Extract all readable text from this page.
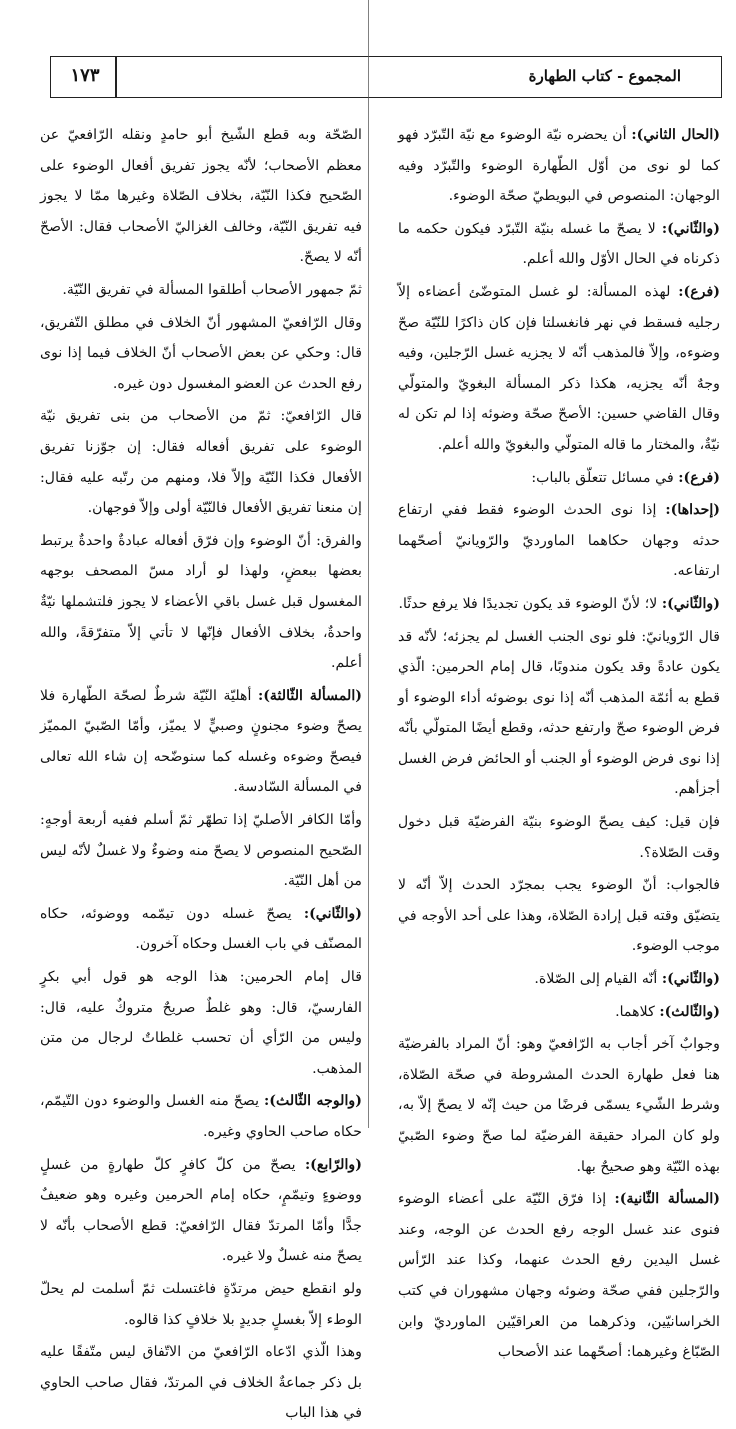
المجموع - كتاب الطهارة
١٧٣

(الحال الثاني): أن يحضره نيّة الوضوء مع نيّة التّبرّد فهو كما لو نوى من أوّل الطّهارة الوضوء والتّبرّد وفيه الوجهان: المنصوص في البويطيّ صحّة الوضوء.

(والثّاني): لا يصحّ ما غسله بنيّة التّبرّد فيكون حكمه ما ذكرناه في الحال الأوّل والله أعلم.

(فرع): لهذه المسألة: لو غسل المتوضّئ أعضاءه إلاّ رجليه فسقط في نهر فانغسلتا فإن كان ذاكرًا للنّيّة صحّ وضوءه، وإلاّ فالمذهب أنّه لا يجزيه غسل الرّجلين، وفيه وجهٌ أنّه يجزيه، هكذا ذكر المسألة البغويّ والمتولّي وقال القاضي حسين: الأصحّ صحّة وضوئه إذا لم تكن له نيّةٌ، والمختار ما قاله المتولّي والبغويّ والله أعلم.

(فرع): في مسائل تتعلّق بالباب:

(إحداها): إذا نوى الحدث الوضوء فقط ففي ارتفاع حدثه وجهان حكاهما الماورديّ والرّويانيّ أصحّهما ارتفاعه.

(والثّاني): لا؛ لأنّ الوضوء قد يكون تجديدًا فلا يرفع حدثًا.

قال الرّويانيّ: فلو نوى الجنب الغسل لم يجزئه؛ لأنّه قد يكون عادةً وقد يكون مندوبًا، قال إمام الحرمين: الّذي قطع به أئمّة المذهب أنّه إذا نوى بوضوئه أداء الوضوء أو فرض الوضوء صحّ وارتفع حدثه، وقطع أيضًا المتولّي بأنّه إذا نوى فرض الوضوء أو الجنب أو الحائض فرض الغسل أجزأهم.

فإن قيل: كيف يصحّ الوضوء بنيّة الفرضيّة قبل دخول وقت الصّلاة؟.

فالجواب: أنّ الوضوء يجب بمجرّد الحدث إلاّ أنّه لا يتضيّق وقته قبل إرادة الصّلاة، وهذا على أحد الأوجه في موجب الوضوء.

(والثّاني): أنّه القيام إلى الصّلاة.

(والثّالث): كلاهما.

وجوابٌ آخر أجاب به الرّافعيّ وهو: أنّ المراد بالفرضيّة هنا فعل طهارة الحدث المشروطة في صحّة الصّلاة، وشرط الشّيء يسمّى فرضًا من حيث إنّه لا يصحّ إلاّ به، ولو كان المراد حقيقة الفرضيّة لما صحّ وضوء الصّبيّ بهذه النّيّة وهو صحيحٌ بها.

(المسألة الثّانية): إذا فرّق النّيّة على أعضاء الوضوء فنوى عند غسل الوجه رفع الحدث عن الوجه، وعند غسل اليدين رفع الحدث عنهما، وكذا عند الرّأس والرّجلين ففي صحّة وضوئه وجهان مشهوران في كتب الخراسانيّين، وذكرهما من العراقيّين الماورديّ وابن الصّبّاغ وغيرهما: أصحّهما عند الأصحاب

الصّحّة وبه قطع الشّيخ أبو حامدٍ ونقله الرّافعيّ عن معظم الأصحاب؛ لأنّه يجوز تفريق أفعال الوضوء على الصّحيح فكذا النّيّة، بخلاف الصّلاة وغيرها ممّا لا يجوز فيه تفريق النّيّة، وخالف الغزاليّ الأصحاب فقال: الأصحّ أنّه لا يصحّ.

ثمّ جمهور الأصحاب أطلقوا المسألة في تفريق النّيّة.

وقال الرّافعيّ المشهور أنّ الخلاف في مطلق التّفريق، قال: وحكي عن بعض الأصحاب أنّ الخلاف فيما إذا نوى رفع الحدث عن العضو المغسول دون غيره.

قال الرّافعيّ: ثمّ من الأصحاب من بنى تفريق نيّة الوضوء على تفريق أفعاله فقال: إن جوّزنا تفريق الأفعال فكذا النّيّة وإلاّ فلا، ومنهم من رتّبه عليه فقال: إن منعنا تفريق الأفعال فالنّيّة أولى وإلاّ فوجهان.

والفرق: أنّ الوضوء وإن فرّق أفعاله عبادةٌ واحدةٌ يرتبط بعضها ببعضٍ، ولهذا لو أراد مسّ المصحف بوجهه المغسول قبل غسل باقي الأعضاء لا يجوز فلتشملها نيّةٌ واحدةٌ، بخلاف الأفعال فإنّها لا تأتي إلاّ متفرّقةً، والله أعلم.

(المسألة الثّالثة): أهليّة النّيّة شرطٌ لصحّة الطّهارة فلا يصحّ وضوء مجنونٍ وصبيٍّ لا يميّز، وأمّا الصّبيّ المميّز فيصحّ وضوءه وغسله كما سنوضّحه إن شاء الله تعالى في المسألة السّادسة.

وأمّا الكافر الأصليّ إذا تطهّر ثمّ أسلم ففيه أربعة أوجهٍ: الصّحيح المنصوص لا يصحّ منه وضوءٌ ولا غسلٌ لأنّه ليس من أهل النّيّة.

(والثّاني): يصحّ غسله دون تيمّمه ووضوئه، حكاه المصنّف في باب الغسل وحكاه آخرون.

قال إمام الحرمين: هذا الوجه هو قول أبي بكرٍ الفارسيّ، قال: وهو غلطٌ صريحٌ متروكٌ عليه، قال: وليس من الرّأي أن تحسب غلطاتٌ لرجال من متن المذهب.

(والوجه الثّالث): يصحّ منه الغسل والوضوء دون التّيمّم، حكاه صاحب الحاوي وغيره.

(والرّابع): يصحّ من كلّ كافرٍ كلّ طهارةٍ من غسلٍ ووضوءٍ وتيمّمٍ، حكاه إمام الحرمين وغيره وهو ضعيفٌ جدًّا وأمّا المرتدّ فقال الرّافعيّ: قطع الأصحاب بأنّه لا يصحّ منه غسلٌ ولا غيره.

ولو انقطع حيض مرتدّةٍ فاغتسلت ثمّ أسلمت لم يحلّ الوطء إلاّ بغسلٍ جديدٍ بلا خلافٍ كذا قالوه.

وهذا الّذي ادّعاه الرّافعيّ من الاتّفاق ليس متّفقًا عليه بل ذكر جماعةٌ الخلاف في المرتدّ، فقال صاحب الحاوي في هذا الباب
